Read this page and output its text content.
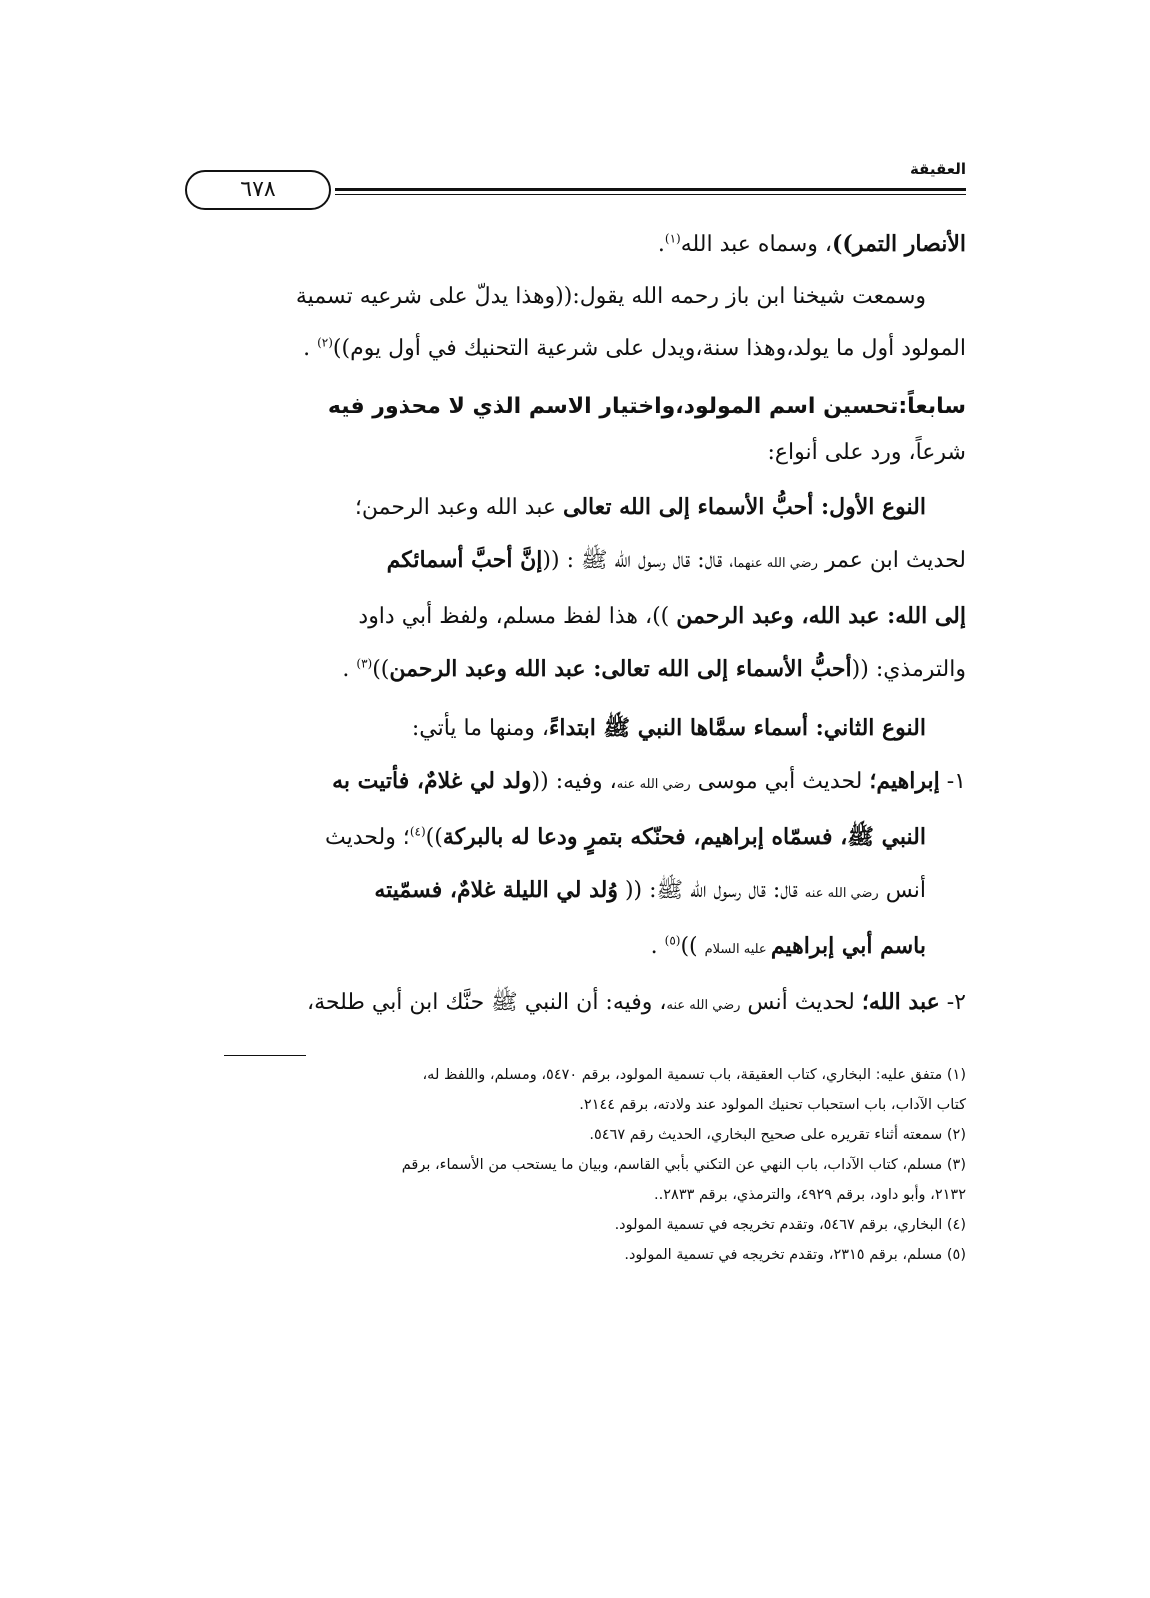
العقيقة
٦٧٨

الأنصار التمر))، وسماه عبد الله$^{(١)}$.

وسمعت شيخنا ابن باز رحمه الله يقول:((وهذا يدلّ على شرعيه تسمية

المولود أول ما يولد،وهذا سنة،ويدل على شرعية التحنيك في أول يوم))$^{(٢)}$ .

سابعاً:تحسين اسم المولود،واختيار الاسم الذي لا محذور فيه

شرعاً، ورد على أنواع:

النوع الأول: أحبُّ الأسماء إلى الله تعالى عبد الله وعبد الرحمن؛

لحديث ابن عمر رضي الله عنهما، قال: قال رسول الله ﷺ : ((إنَّ أحبَّ أسمائكم

إلى الله: عبد الله، وعبد الرحمن ))، هذا لفظ مسلم، ولفظ أبي داود

والترمذي: ((أحبُّ الأسماء إلى الله تعالى: عبد الله وعبد الرحمن))$^{(٣)}$ .

النوع الثاني: أسماء سمَّاها النبي ﷺ ابتداءً، ومنها ما يأتي:

١- إبراهيم؛ لحديث أبي موسى رضي الله عنه، وفيه: ((ولد لي غلامٌ، فأتيت به

النبي ﷺ، فسمّاه إبراهيم، فحنّكه بتمرٍ ودعا له بالبركة))$^{(٤)}$؛ ولحديث

أنس رضي الله عنه قال: قال رسول الله ﷺ: (( وُلد لي الليلة غلامٌ، فسمّيته

باسم أبي إبراهيم عليه السلام ))$^{(٥)}$ .

٢- عبد الله؛ لحديث أنس رضي الله عنه، وفيه: أن النبي ﷺ حنَّك ابن أبي طلحة،

(١) متفق عليه: البخاري، كتاب العقيقة، باب تسمية المولود، برقم ٥٤٧٠، ومسلم، واللفظ له،

كتاب الآداب، باب استحباب تحنيك المولود عند ولادته، برقم ٢١٤٤.

(٢) سمعته أثناء تقريره على صحيح البخاري، الحديث رقم ٥٤٦٧.

(٣) مسلم، كتاب الآداب، باب النهي عن التكني بأبي القاسم، وبيان ما يستحب من الأسماء، برقم

٢١٣٢، وأبو داود، برقم ٤٩٢٩، والترمذي، برقم ٢٨٣٣..

(٤) البخاري، برقم ٥٤٦٧، وتقدم تخريجه في تسمية المولود.

(٥) مسلم، برقم ٢٣١٥، وتقدم تخريجه في تسمية المولود.
